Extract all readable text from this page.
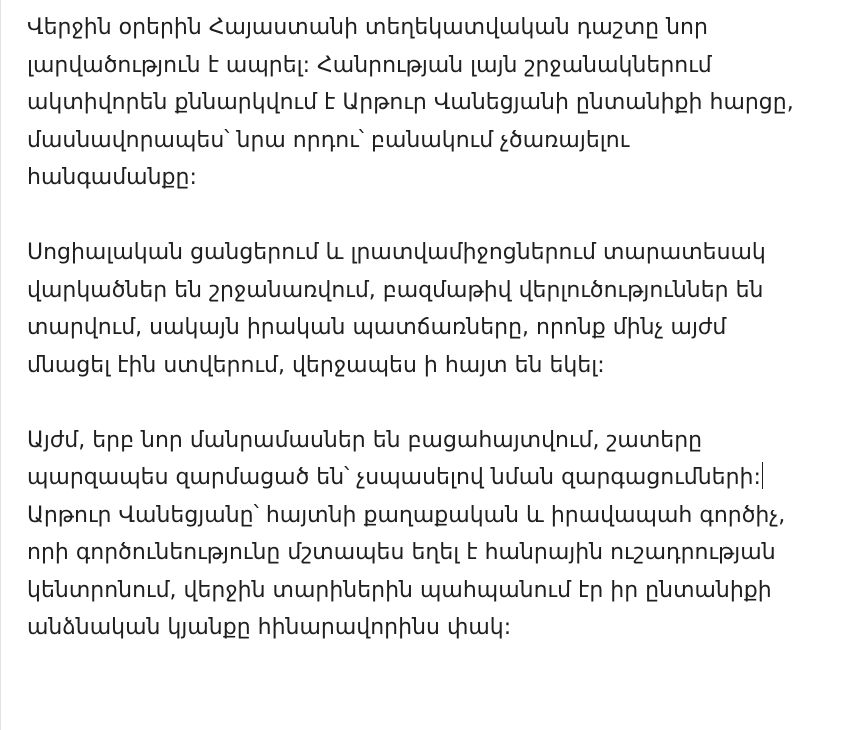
Վերջին օրերին Հայաստանի տեղեկատվական դաշտը նոր
լարվածություն է ապրել: Հանրության լայն շրջանակներում
ակտիվորեն քննարկվում է Արթուր Վանեցյանի ընտանիքի հարցը,
մասնավորապես՝ նրա որդու՝ բանակում չծառայելու
հանգամանքը:

Սոցիալական ցանցերում և լրատվամիջոցներում տարատեսակ
վարկածներ են շրջանառվում, բազմաթիվ վերլուծություններ են
տարվում, սակայն իրական պատճառները, որոնք մինչ այժմ
մնացել էին ստվերում, վերջապես ի հայտ են եկել:

Այժմ, երբ նոր մանրամասներ են բացահայտվում, շատերը
պարզապես զարմացած են՝ չսպասելով նման զարգացումների:
Արթուր Վանեցյանը՝ հայտնի քաղաքական և իրավապահ գործիչ,
որի գործունեությունը մշտապես եղել է հանրային ուշադրության
կենտրոնում, վերջին տարիներին պահպանում էր իր ընտանիքի
անձնական կյանքը հինարավորինս փակ:
